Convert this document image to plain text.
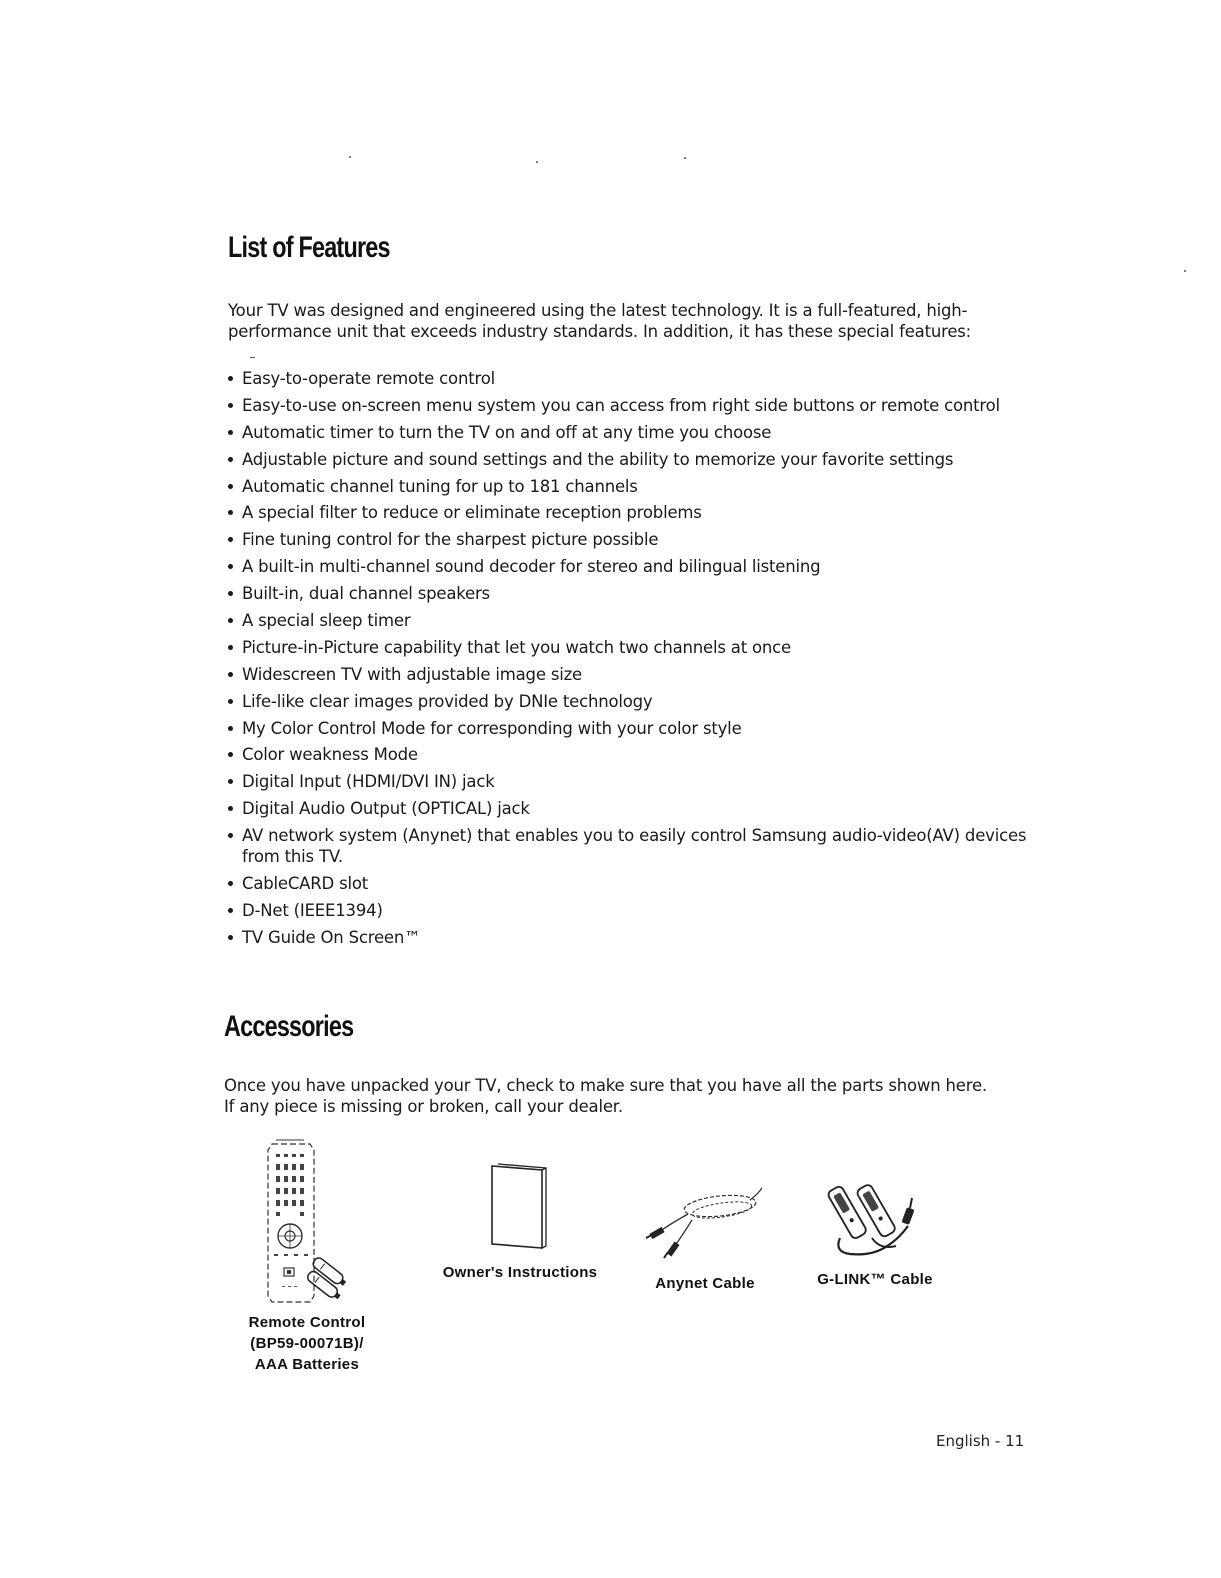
List of Features

Your TV was designed and engineered using the latest technology. It is a full-featured, high-performance unit that exceeds industry standards. In addition, it has these special features:

Easy-to-operate remote control
Easy-to-use on-screen menu system you can access from right side buttons or remote control
Automatic timer to turn the TV on and off at any time you choose
Adjustable picture and sound settings and the ability to memorize your favorite settings
Automatic channel tuning for up to 181 channels
A special filter to reduce or eliminate reception problems
Fine tuning control for the sharpest picture possible
A built-in multi-channel sound decoder for stereo and bilingual listening
Built-in, dual channel speakers
A special sleep timer
Picture-in-Picture capability that let you watch two channels at once
Widescreen TV with adjustable image size
Life-like clear images provided by DNIe technology
My Color Control Mode for corresponding with your color style
Color weakness Mode
Digital Input (HDMI/DVI IN) jack
Digital Audio Output (OPTICAL) jack
AV network system (Anynet) that enables you to easily control Samsung audio-video(AV) devices from this TV.
CableCARD slot
D-Net (IEEE1394)
TV Guide On Screen™
Accessories

Once you have unpacked your TV, check to make sure that you have all the parts shown here.

If any piece is missing or broken, call your dealer.

Remote Control
(BP59-00071B)/
AAA Batteries
Owner's Instructions
Anynet Cable	G-LINK™ Cable
English - 11
